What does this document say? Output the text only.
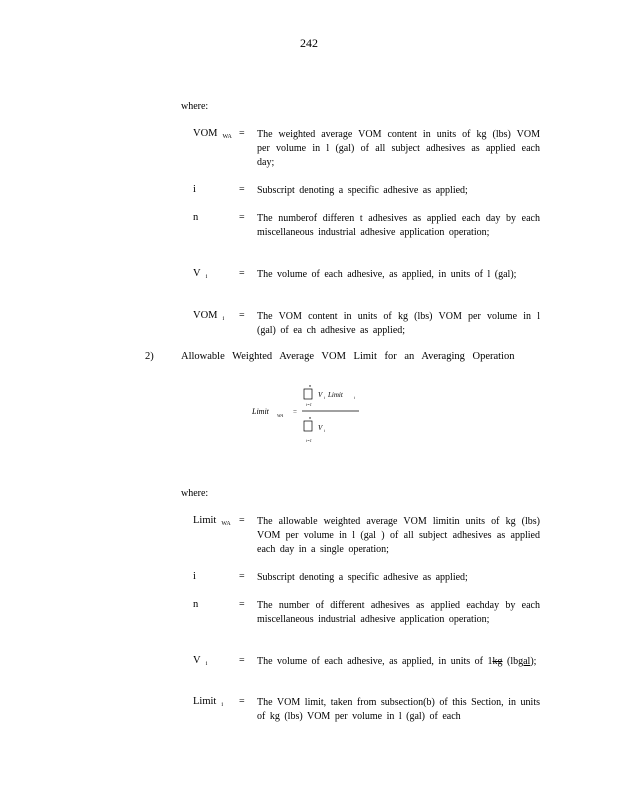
242
where:
VOM $_{WA}$ = The weighted average VOM content in units of kg (lbs) VOM per volume in l (gal) of all subject adhesives as applied each day;
i	= Subscript denoting a specific adhesive as applied;
n	= The numberof differen t adhesives as applied each day by each miscellaneous industrial adhesive application operation;
V $_i$	= The volume of each adhesive, as applied, in units of l (gal);
VOM $_i$ = The VOM content in units of kg (lbs) VOM per volume in l (gal) of ea ch adhesive as applied;
2)	Allowable Weighted Average VOM Limit for an Averaging Operation
Limit WA =
n
i=1
V i Limit	i
n
i=1
V i
where:
Limit $_{WA}$ = The allowable weighted average VOM limitin units of kg (lbs) VOM per volume in l (gal ) of all subject adhesives as applied each day in a single operation;
i	= Subscript denoting a specific adhesive as applied;
n	= The number of different adhesives as applied eachday by each miscellaneous industrial adhesive application operation;
V $_i$	= The volume of each adhesive, as applied, in units of 1kg (lbgal);
Limit $_i$ = The VOM limit, taken from subsection(b) of this Section, in units of kg (lbs) VOM per volume in l (gal) of each
